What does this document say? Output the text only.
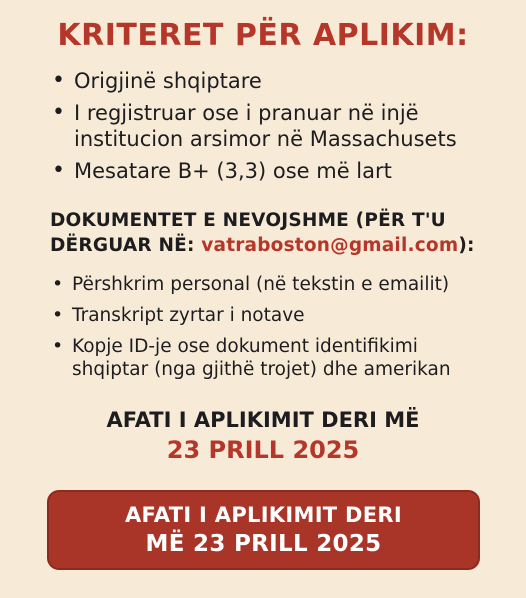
KRITERET PËR APLIKIM:
• Origjinë shqiptare
• I regjistruar ose i pranuar në injë institucion arsimor në Massachusets
• Mesatare B+ (3,3) ose më lart
DOKUMENTET E NEVOJSHME (PËR T'U DËRGUAR NË: vatraboston@gmail.com):
• Përshkrim personal (në tekstin e emailit)
• Transkript zyrtar i notave
• Kopje ID-je ose dokument identifikimi shqiptar (nga gjithë trojet) dhe amerikan
AFATI I APLIKIMIT DERI MË
23 PRILL 2025
AFATI I APLIKIMIT DERI
MË 23 PRILL 2025
